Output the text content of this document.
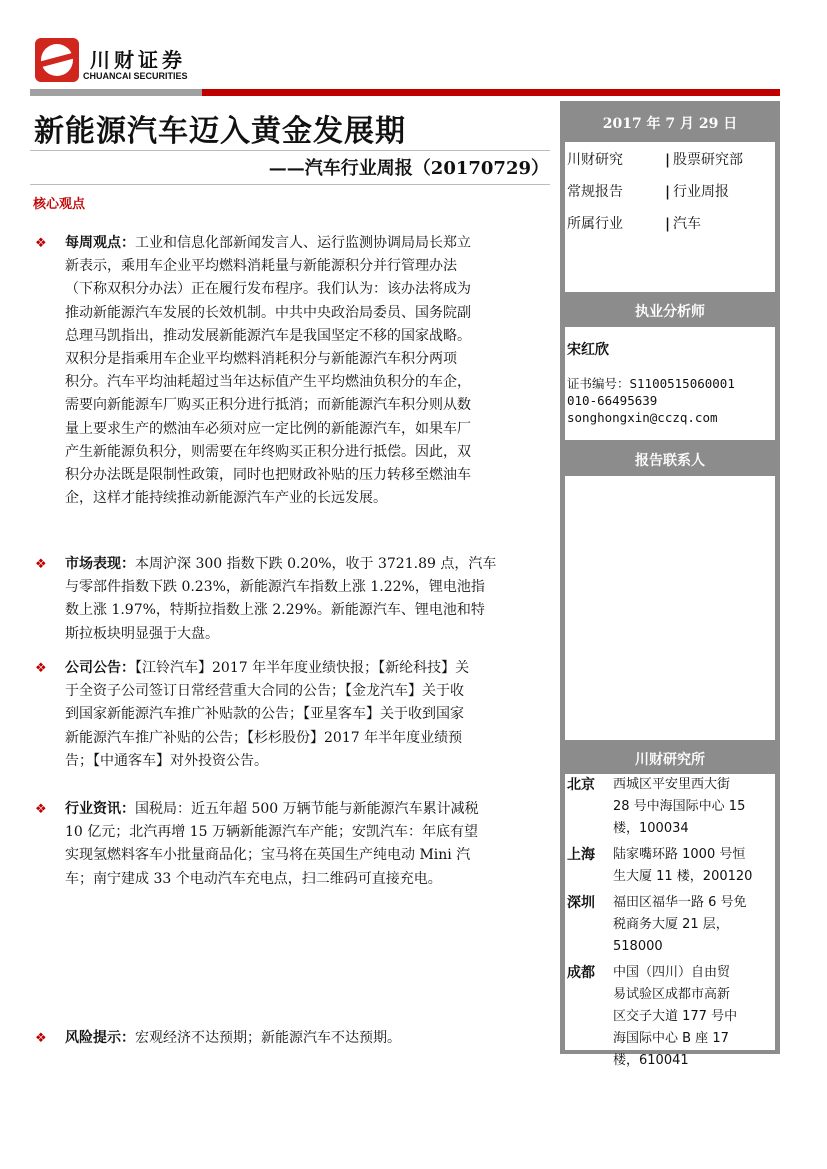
川财证券
CHUANCAI SECURITIES
新能源汽车迈入黄金发展期
——汽车行业周报（20170729）
核心观点
❖	每周观点：工业和信息化部新闻发言人、运行监测协调局局长郑立
新表示，乘用车企业平均燃料消耗量与新能源积分并行管理办法
（下称双积分办法）正在履行发布程序。我们认为：该办法将成为
推动新能源汽车发展的长效机制。中共中央政治局委员、国务院副
总理马凯指出，推动发展新能源汽车是我国坚定不移的国家战略。
双积分是指乘用车企业平均燃料消耗积分与新能源汽车积分两项
积分。汽车平均油耗超过当年达标值产生平均燃油负积分的车企，
需要向新能源车厂购买正积分进行抵消；而新能源汽车积分则从数
量上要求生产的燃油车必须对应一定比例的新能源汽车，如果车厂
产生新能源负积分，则需要在年终购买正积分进行抵偿。因此，双
积分办法既是限制性政策，同时也把财政补贴的压力转移至燃油车
企，这样才能持续推动新能源汽车产业的长远发展。
❖	市场表现：本周沪深 300 指数下跌 0.20%，收于 3721.89 点，汽车
与零部件指数下跌 0.23%，新能源汽车指数上涨 1.22%，锂电池指
数上涨 1.97%，特斯拉指数上涨 2.29%。新能源汽车、锂电池和特
斯拉板块明显强于大盘。
❖	公司公告：【江铃汽车】2017 年半年度业绩快报；【新纶科技】关
于全资子公司签订日常经营重大合同的公告；【金龙汽车】关于收
到国家新能源汽车推广补贴款的公告；【亚星客车】关于收到国家
新能源汽车推广补贴的公告；【杉杉股份】2017 年半年度业绩预
告；【中通客车】对外投资公告。
❖	行业资讯：国税局：近五年超 500 万辆节能与新能源汽车累计减税
10 亿元；北汽再增 15 万辆新能源汽车产能；安凯汽车：年底有望
实现氢燃料客车小批量商品化；宝马将在英国生产纯电动 Mini 汽
车；南宁建成 33 个电动汽车充电点，扫二维码可直接充电。
❖	风险提示：宏观经济不达预期；新能源汽车不达预期。
2017 年 7 月 29 日
川财研究	| 股票研究部
常规报告	| 行业周报
所属行业	| 汽车
执业分析师
宋红欣
证书编号：S1100515060001
010-66495639
songhongxin@cczq.com
报告联系人
川财研究所
北京	西城区平安里西大街
28 号中海国际中心 15
楼，100034
上海	陆家嘴环路 1000 号恒
生大厦 11 楼，200120
深圳	福田区福华一路 6 号免
税商务大厦 21 层，
518000
成都	中国（四川）自由贸
易试验区成都市高新
区交子大道 177 号中
海国际中心 B 座 17
楼，610041
